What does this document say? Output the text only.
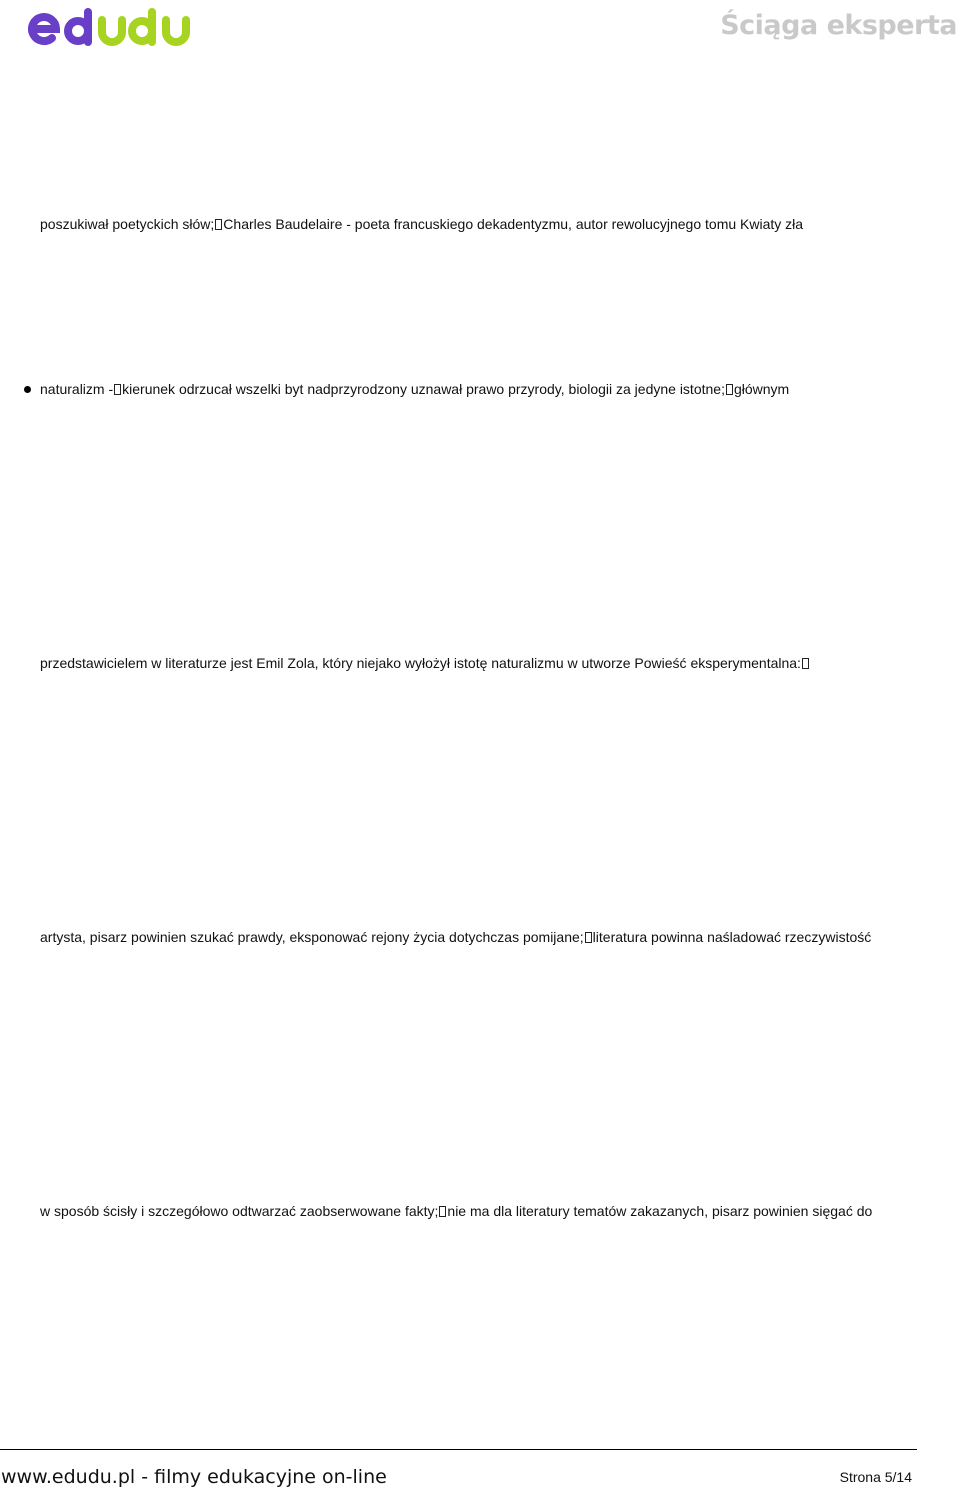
Ściąga eksperta
poszukiwał poetyckich słów; Charles Baudelaire - poeta francuskiego dekadentyzmu, autor rewolucyjnego tomu Kwiaty zła
naturalizm - kierunek odrzucał wszelki byt nadprzyrodzony uznawał prawo przyrody, biologii za jedyne istotne; głównym
przedstawicielem w literaturze jest Emil Zola, który niejako wyłożył istotę naturalizmu w utworze Powieść eksperymentalna:
artysta, pisarz powinien szukać prawdy, eksponować rejony życia dotychczas pomijane; literatura powinna naśladować rzeczywistość
w sposób ścisły i szczegółowo odtwarzać zaobserwowane fakty; nie ma dla literatury tematów zakazanych, pisarz powinien sięgać do
www.edudu.pl - filmy edukacyjne on-line	Strona 5/14
